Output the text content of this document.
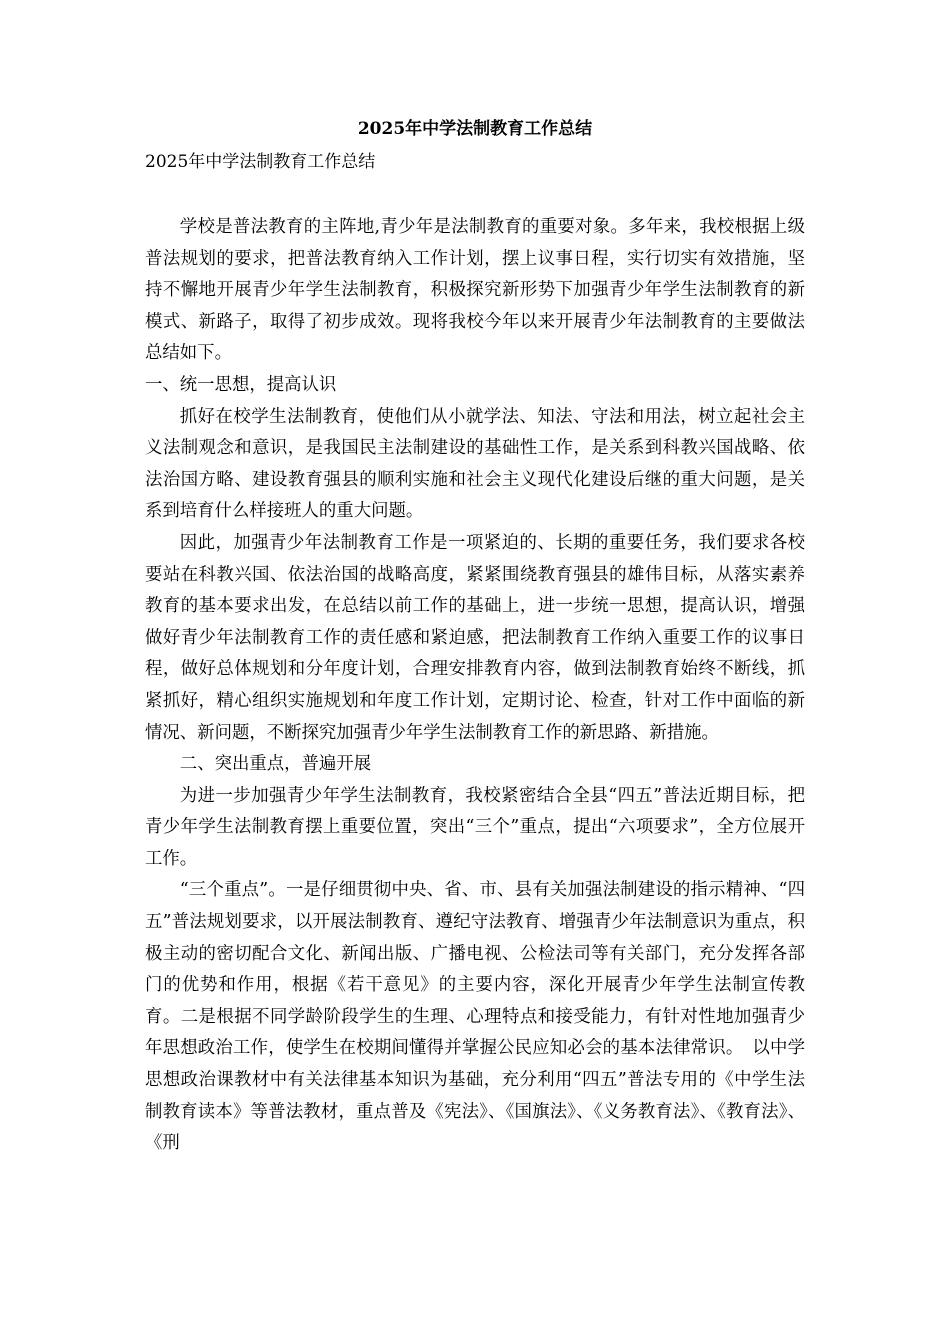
2025年中学法制教育工作总结
2025年中学法制教育工作总结

学校是普法教育的主阵地,青少年是法制教育的重要对象。多年来，我校根据上级普法规划的要求，把普法教育纳入工作计划，摆上议事日程，实行切实有效措施，坚持不懈地开展青少年学生法制教育，积极探究新形势下加强青少年学生法制教育的新模式、新路子，取得了初步成效。现将我校今年以来开展青少年法制教育的主要做法总结如下。

一、统一思想，提高认识

抓好在校学生法制教育，使他们从小就学法、知法、守法和用法，树立起社会主义法制观念和意识，是我国民主法制建设的基础性工作，是关系到科教兴国战略、依法治国方略、建设教育强县的顺利实施和社会主义现代化建设后继的重大问题，是关系到培育什么样接班人的重大问题。

因此，加强青少年法制教育工作是一项紧迫的、长期的重要任务，我们要求各校要站在科教兴国、依法治国的战略高度，紧紧围绕教育强县的雄伟目标，从落实素养教育的基本要求出发，在总结以前工作的基础上，进一步统一思想，提高认识，增强做好青少年法制教育工作的责任感和紧迫感，把法制教育工作纳入重要工作的议事日程，做好总体规划和分年度计划，合理安排教育内容，做到法制教育始终不断线，抓紧抓好，精心组织实施规划和年度工作计划，定期讨论、检查，针对工作中面临的新情况、新问题，不断探究加强青少年学生法制教育工作的新思路、新措施。

二、突出重点，普遍开展

为进一步加强青少年学生法制教育，我校紧密结合全县“四五”普法近期目标，把青少年学生法制教育摆上重要位置，突出“三个”重点，提出“六项要求”，全方位展开工作。

“三个重点”。一是仔细贯彻中央、省、市、县有关加强法制建设的指示精神、“四五”普法规划要求，以开展法制教育、遵纪守法教育、增强青少年法制意识为重点，积极主动的密切配合文化、新闻出版、广播电视、公检法司等有关部门，充分发挥各部门的优势和作用，根据《若干意见》的主要内容，深化开展青少年学生法制宣传教育。二是根据不同学龄阶段学生的生理、心理特点和接受能力，有针对性地加强青少年思想政治工作，使学生在校期间懂得并掌握公民应知必会的基本法律常识。　以中学思想政治课教材中有关法律基本知识为基础，充分利用“四五”普法专用的《中学生法制教育读本》等普法教材，重点普及《宪法》、《国旗法》、《义务教育法》、《教育法》、《刑
